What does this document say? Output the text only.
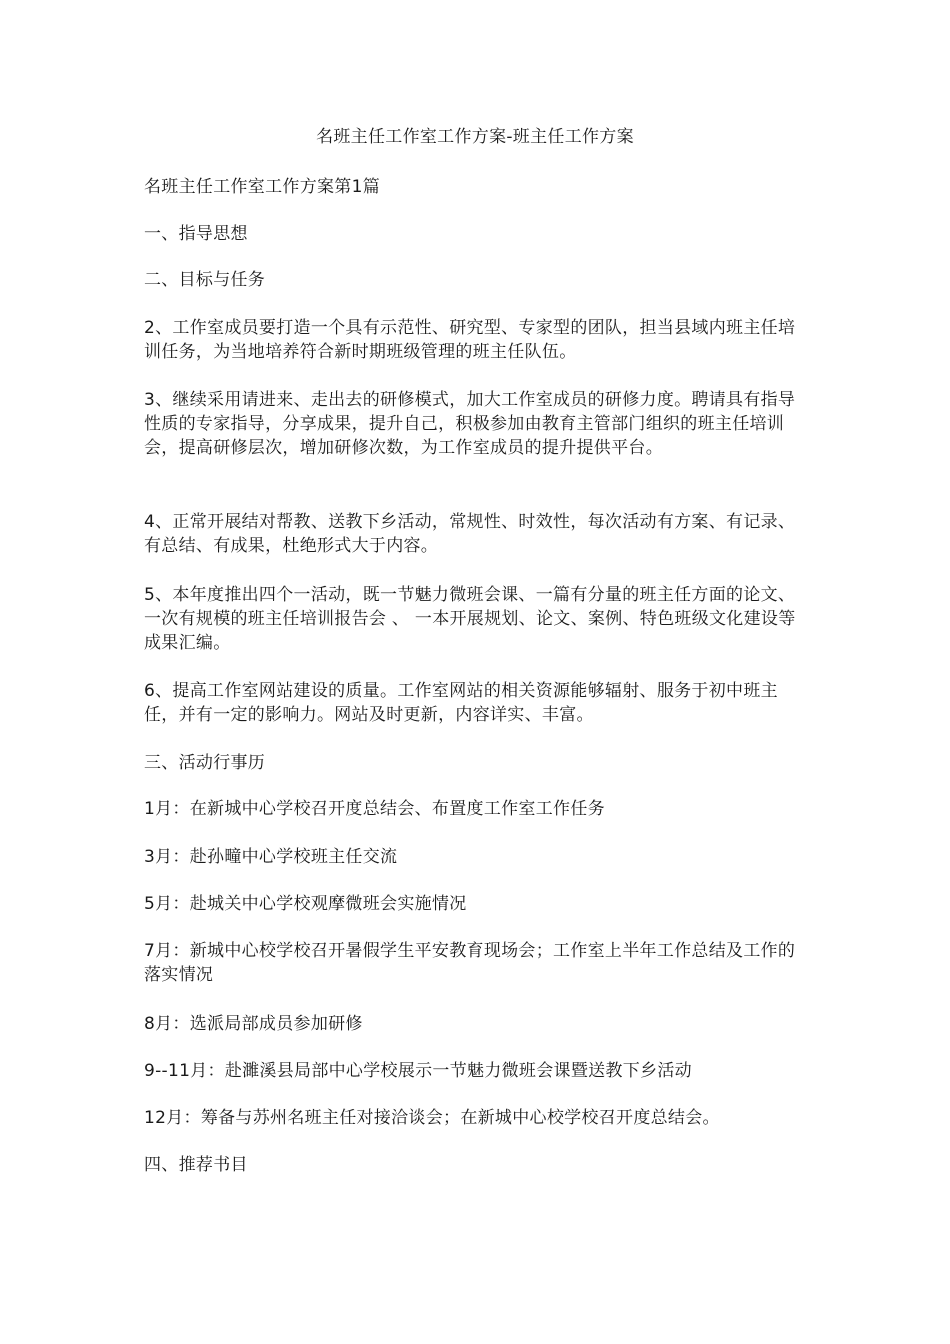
名班主任工作室工作方案-班主任工作方案

名班主任工作室工作方案第1篇

一、指导思想

二、目标与任务

2、工作室成员要打造一个具有示范性、研究型、专家型的团队，担当县域内班主任培训任务，为当地培养符合新时期班级管理的班主任队伍。

3、继续采用请进来、走出去的研修模式，加大工作室成员的研修力度。聘请具有指导性质的专家指导，分享成果，提升自己，积极参加由教育主管部门组织的班主任培训会，提高研修层次，增加研修次数，为工作室成员的提升提供平台。

4、正常开展结对帮教、送教下乡活动，常规性、时效性，每次活动有方案、有记录、有总结、有成果，杜绝形式大于内容。

5、本年度推出四个一活动，既一节魅力微班会课、一篇有分量的班主任方面的论文、一次有规模的班主任培训报告会 、 一本开展规划、论文、案例、特色班级文化建设等成果汇编。

6、提高工作室网站建设的质量。工作室网站的相关资源能够辐射、服务于初中班主任，并有一定的影响力。网站及时更新，内容详实、丰富。

三、活动行事历

1月：在新城中心学校召开度总结会、布置度工作室工作任务

3月：赴孙疃中心学校班主任交流

5月：赴城关中心学校观摩微班会实施情况

7月：新城中心校学校召开暑假学生平安教育现场会；工作室上半年工作总结及工作的落实情况

8月：选派局部成员参加研修

9--11月：赴濉溪县局部中心学校展示一节魅力微班会课暨送教下乡活动

12月：筹备与苏州名班主任对接洽谈会；在新城中心校学校召开度总结会。

四、推荐书目
